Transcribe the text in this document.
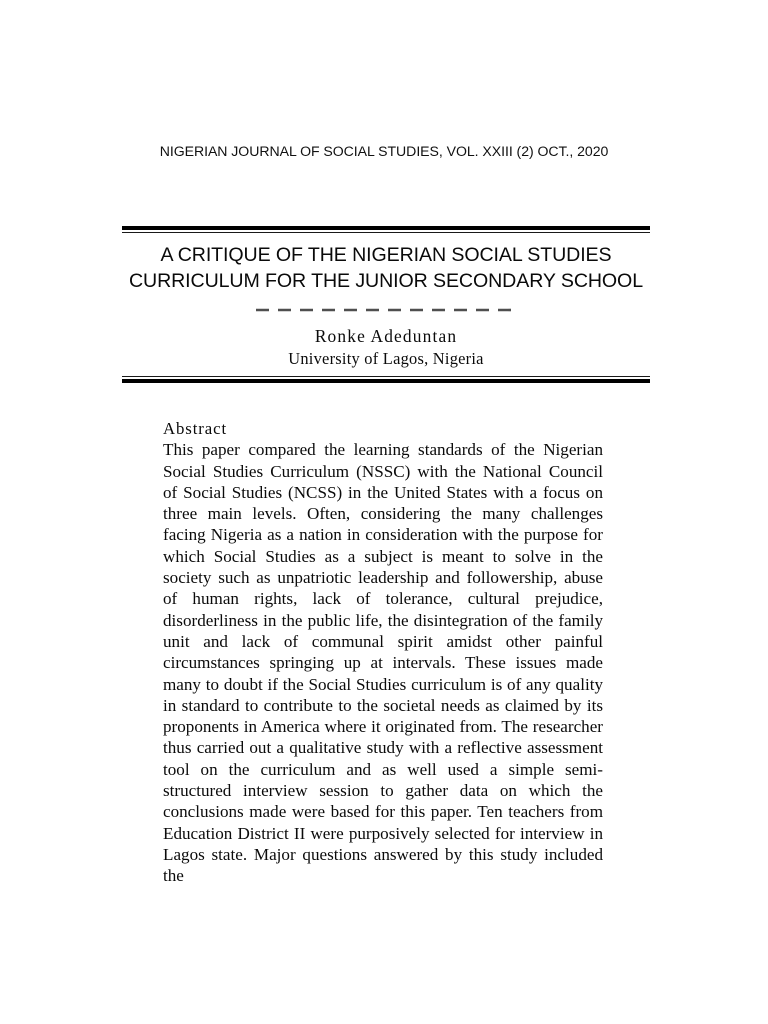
NIGERIAN JOURNAL OF SOCIAL STUDIES, VOL. XXIII (2) OCT., 2020
A CRITIQUE OF THE NIGERIAN SOCIAL STUDIES
CURRICULUM FOR THE JUNIOR SECONDARY SCHOOL
Ronke Adeduntan
University of Lagos, Nigeria
Abstract
This paper compared the learning standards of the Nigerian Social Studies Curriculum (NSSC) with the National Council of Social Studies (NCSS) in the United States with a focus on three main levels. Often, considering the many challenges facing Nigeria as a nation in consideration with the purpose for which Social Studies as a subject is meant to solve in the society such as unpatriotic leadership and followership, abuse of human rights, lack of tolerance, cultural prejudice, disorderliness in the public life, the disintegration of the family unit and lack of communal spirit amidst other painful circumstances springing up at intervals. These issues made many to doubt if the Social Studies curriculum is of any quality in standard to contribute to the societal needs as claimed by its proponents in America where it originated from. The researcher thus carried out a qualitative study with a reflective assessment tool on the curriculum and as well used a simple semi-structured interview session to gather data on which the conclusions made were based for this paper. Ten teachers from Education District II were purposively selected for interview in Lagos state. Major questions answered by this study included the
